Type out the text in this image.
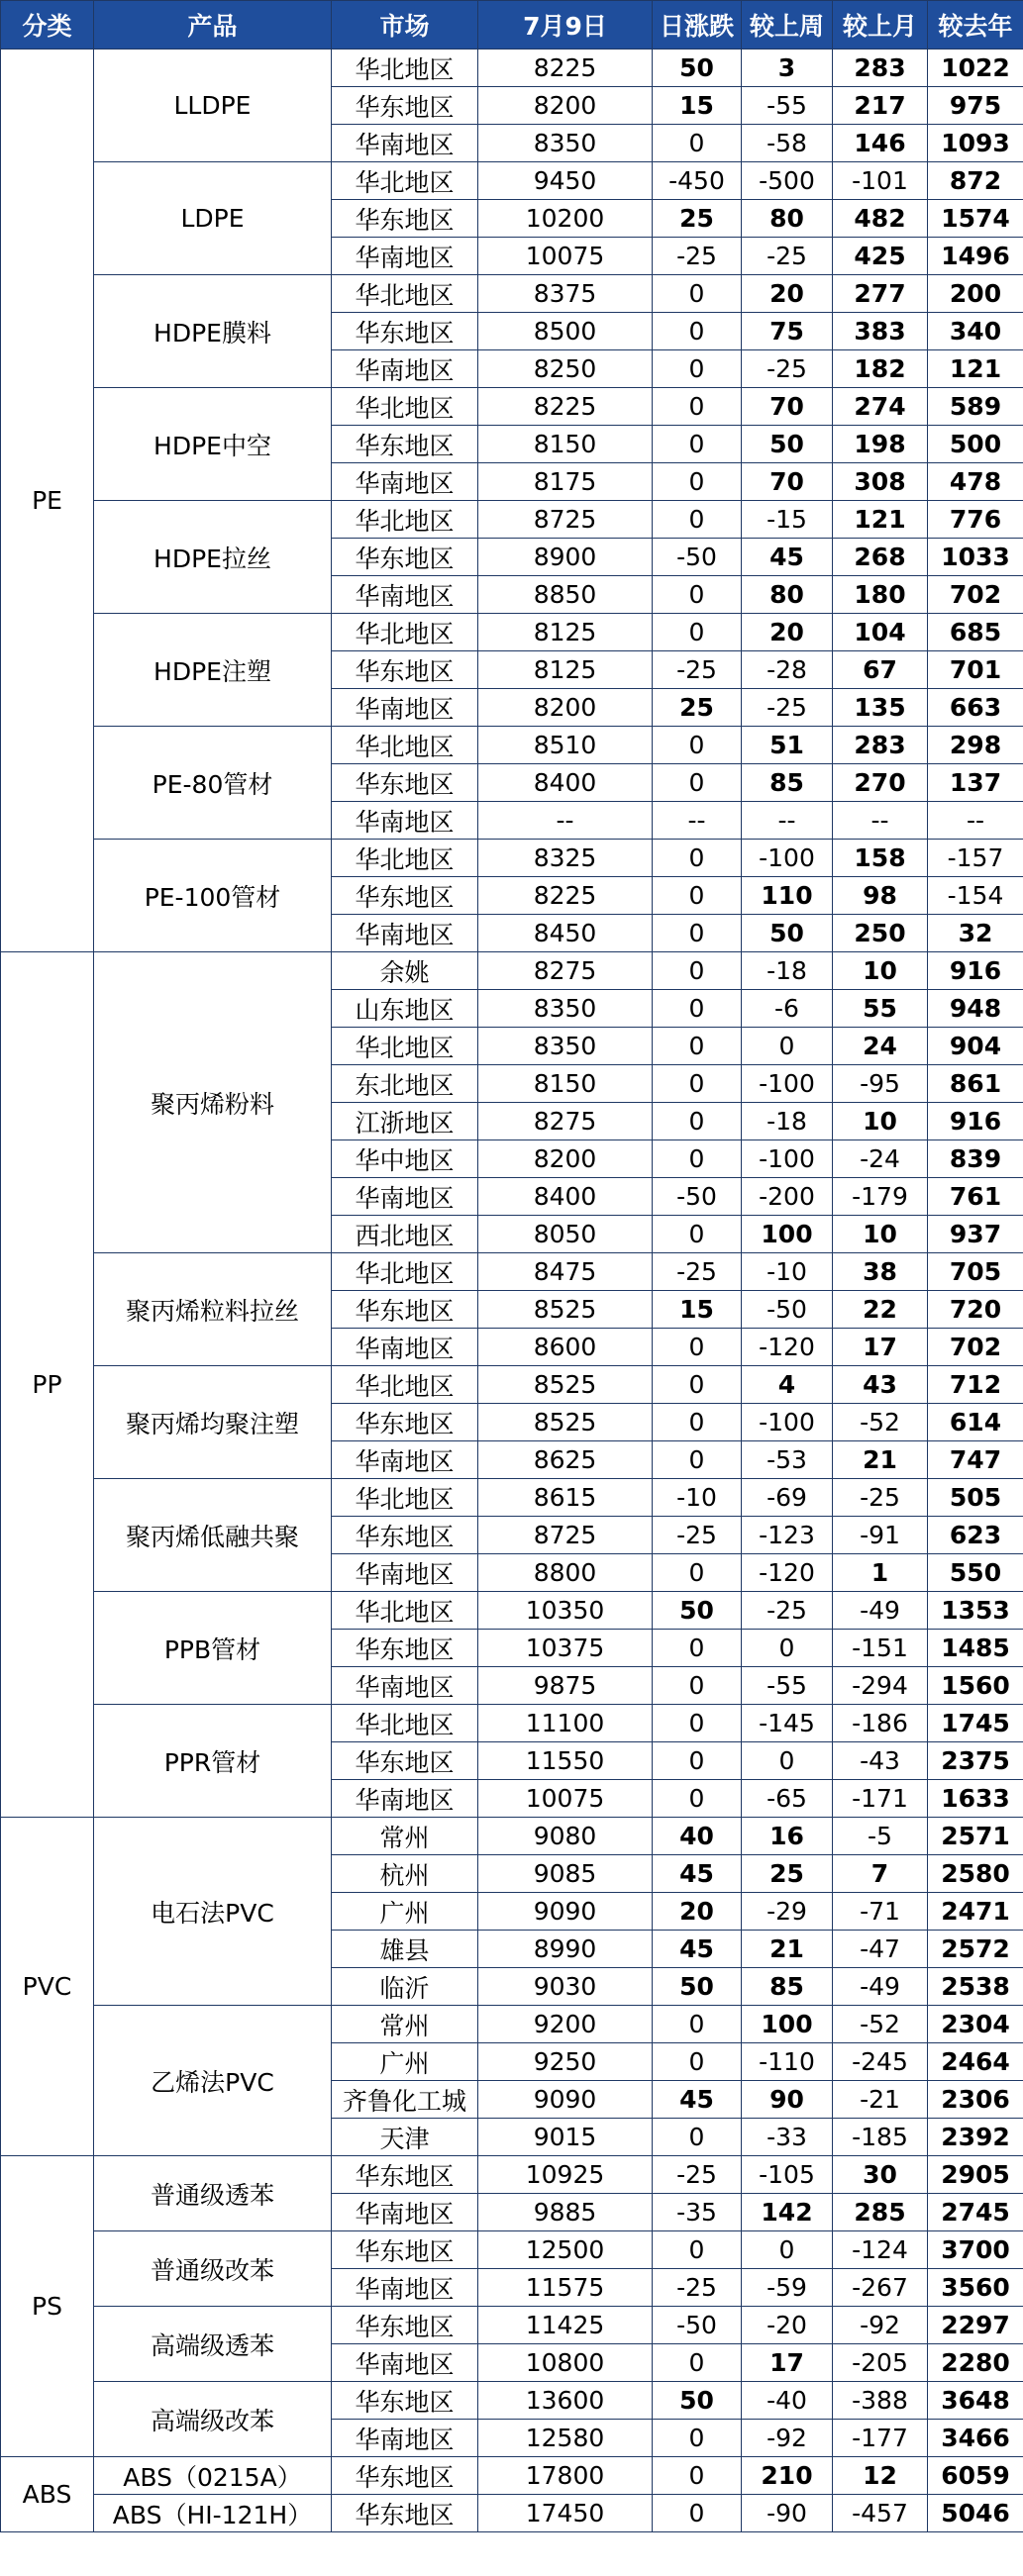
分类	产品	市场	7月9日	日涨跌	较上周	较上月	较去年
PE	LLDPE	华北地区	8225	50	3	283	1022
		华东地区	8200	15	-55	217	975
		华南地区	8350	0	-58	146	1093
	LDPE	华北地区	9450	-450	-500	-101	872
		华东地区	10200	25	80	482	1574
		华南地区	10075	-25	-25	425	1496
	HDPE膜料	华北地区	8375	0	20	277	200
		华东地区	8500	0	75	383	340
		华南地区	8250	0	-25	182	121
	HDPE中空	华北地区	8225	0	70	274	589
		华东地区	8150	0	50	198	500
		华南地区	8175	0	70	308	478
	HDPE拉丝	华北地区	8725	0	-15	121	776
		华东地区	8900	-50	45	268	1033
		华南地区	8850	0	80	180	702
	HDPE注塑	华北地区	8125	0	20	104	685
		华东地区	8125	-25	-28	67	701
		华南地区	8200	25	-25	135	663
	PE-80管材	华北地区	8510	0	51	283	298
		华东地区	8400	0	85	270	137
		华南地区	--	--	--	--	--
	PE-100管材	华北地区	8325	0	-100	158	-157
		华东地区	8225	0	110	98	-154
		华南地区	8450	0	50	250	32
PP	聚丙烯粉料	余姚	8275	0	-18	10	916
		山东地区	8350	0	-6	55	948
		华北地区	8350	0	0	24	904
		东北地区	8150	0	-100	-95	861
		江浙地区	8275	0	-18	10	916
		华中地区	8200	0	-100	-24	839
		华南地区	8400	-50	-200	-179	761
		西北地区	8050	0	100	10	937
	聚丙烯粒料拉丝	华北地区	8475	-25	-10	38	705
		华东地区	8525	15	-50	22	720
		华南地区	8600	0	-120	17	702
	聚丙烯均聚注塑	华北地区	8525	0	4	43	712
		华东地区	8525	0	-100	-52	614
		华南地区	8625	0	-53	21	747
	聚丙烯低融共聚	华北地区	8615	-10	-69	-25	505
		华东地区	8725	-25	-123	-91	623
		华南地区	8800	0	-120	1	550
	PPB管材	华北地区	10350	50	-25	-49	1353
		华东地区	10375	0	0	-151	1485
		华南地区	9875	0	-55	-294	1560
	PPR管材	华北地区	11100	0	-145	-186	1745
		华东地区	11550	0	0	-43	2375
		华南地区	10075	0	-65	-171	1633
PVC	电石法PVC	常州	9080	40	16	-5	2571
		杭州	9085	45	25	7	2580
		广州	9090	20	-29	-71	2471
		雄县	8990	45	21	-47	2572
		临沂	9030	50	85	-49	2538
	乙烯法PVC	常州	9200	0	100	-52	2304
		广州	9250	0	-110	-245	2464
		齐鲁化工城	9090	45	90	-21	2306
		天津	9015	0	-33	-185	2392
PS	普通级透苯	华东地区	10925	-25	-105	30	2905
		华南地区	9885	-35	142	285	2745
	普通级改苯	华东地区	12500	0	0	-124	3700
		华南地区	11575	-25	-59	-267	3560
	高端级透苯	华东地区	11425	-50	-20	-92	2297
		华南地区	10800	0	17	-205	2280
	高端级改苯	华东地区	13600	50	-40	-388	3648
		华南地区	12580	0	-92	-177	3466
ABS	ABS（0215A）	华东地区	17800	0	210	12	6059
	ABS（HI-121H）	华东地区	17450	0	-90	-457	5046
